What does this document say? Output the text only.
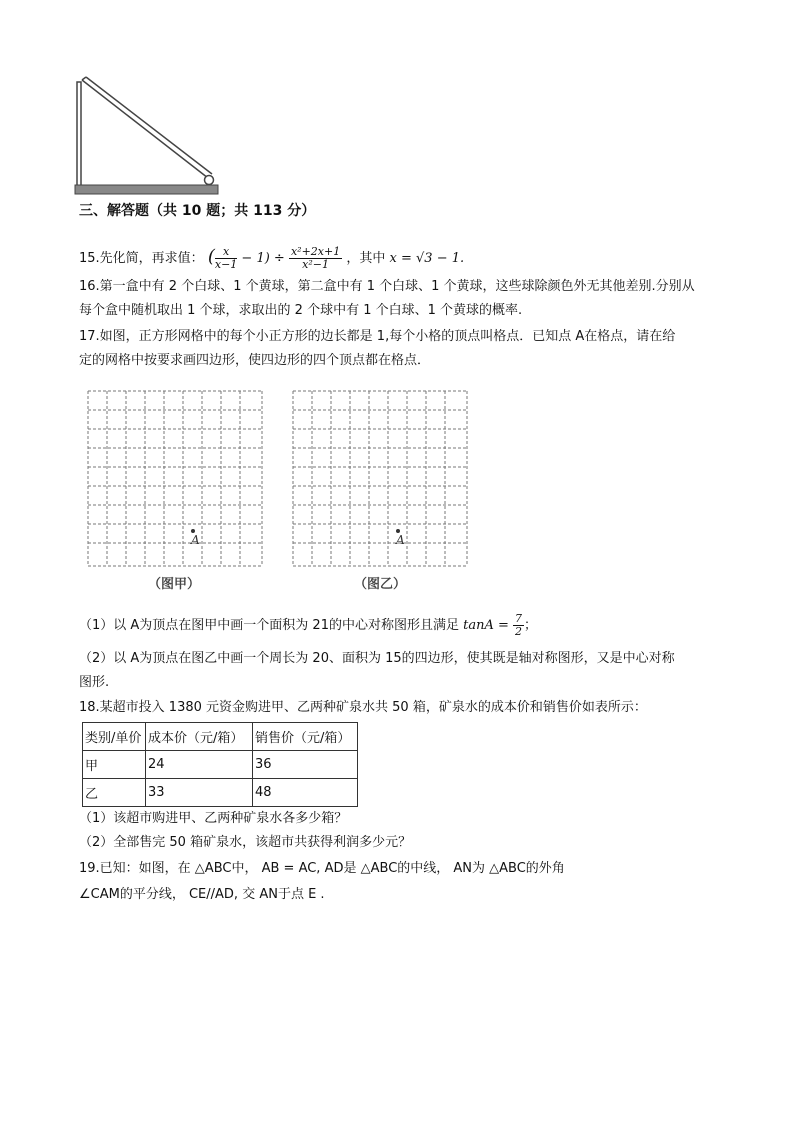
三、解答题（共 10 题；共 113 分）
15.先化简，再求值： ( $\frac{x}{x-1} - 1) \div \frac{\text{x²+2x+1}}{\text{x²−1}}$ ，其中 x = √3 − 1.
16.第一盒中有 2 个白球、1 个黄球，第二盒中有 1 个白球、1 个黄球，这些球除颜色外无其他差别.分别从
每个盒中随机取出 1 个球，求取出的 2 个球中有 1 个白球、1 个黄球的概率.
17.如图，正方形网格中的每个小正方形的边长都是 1,每个小格的顶点叫格点．已知点 A在格点，请在给
定的网格中按要求画四边形，使四边形的四个顶点都在格点．
A
（图甲）
A
（图乙）
（1）以 A为顶点在图甲中画一个面积为 21的中心对称图形且满足 $\tan A = \frac{7}{2}$ ；
（2）以 A为顶点在图乙中画一个周长为 20、面积为 15的四边形，使其既是轴对称图形，又是中心对称
图形.
18.某超市投入 1380 元资金购进甲、乙两种矿泉水共 50 箱，矿泉水的成本价和销售价如表所示：
类别/单价	成本价（元/箱）	销售价（元/箱）
甲	24	36
乙	33	48
（1）该超市购进甲、乙两种矿泉水各多少箱？
（2）全部售完 50 箱矿泉水，该超市共获得利润多少元？
19.已知：如图，在 △ABC中， AB = AC, AD是 △ABC的中线， AN为 △ABC的外角
∠CAM的平分线， CE//AD, 交 AN于点 E .
